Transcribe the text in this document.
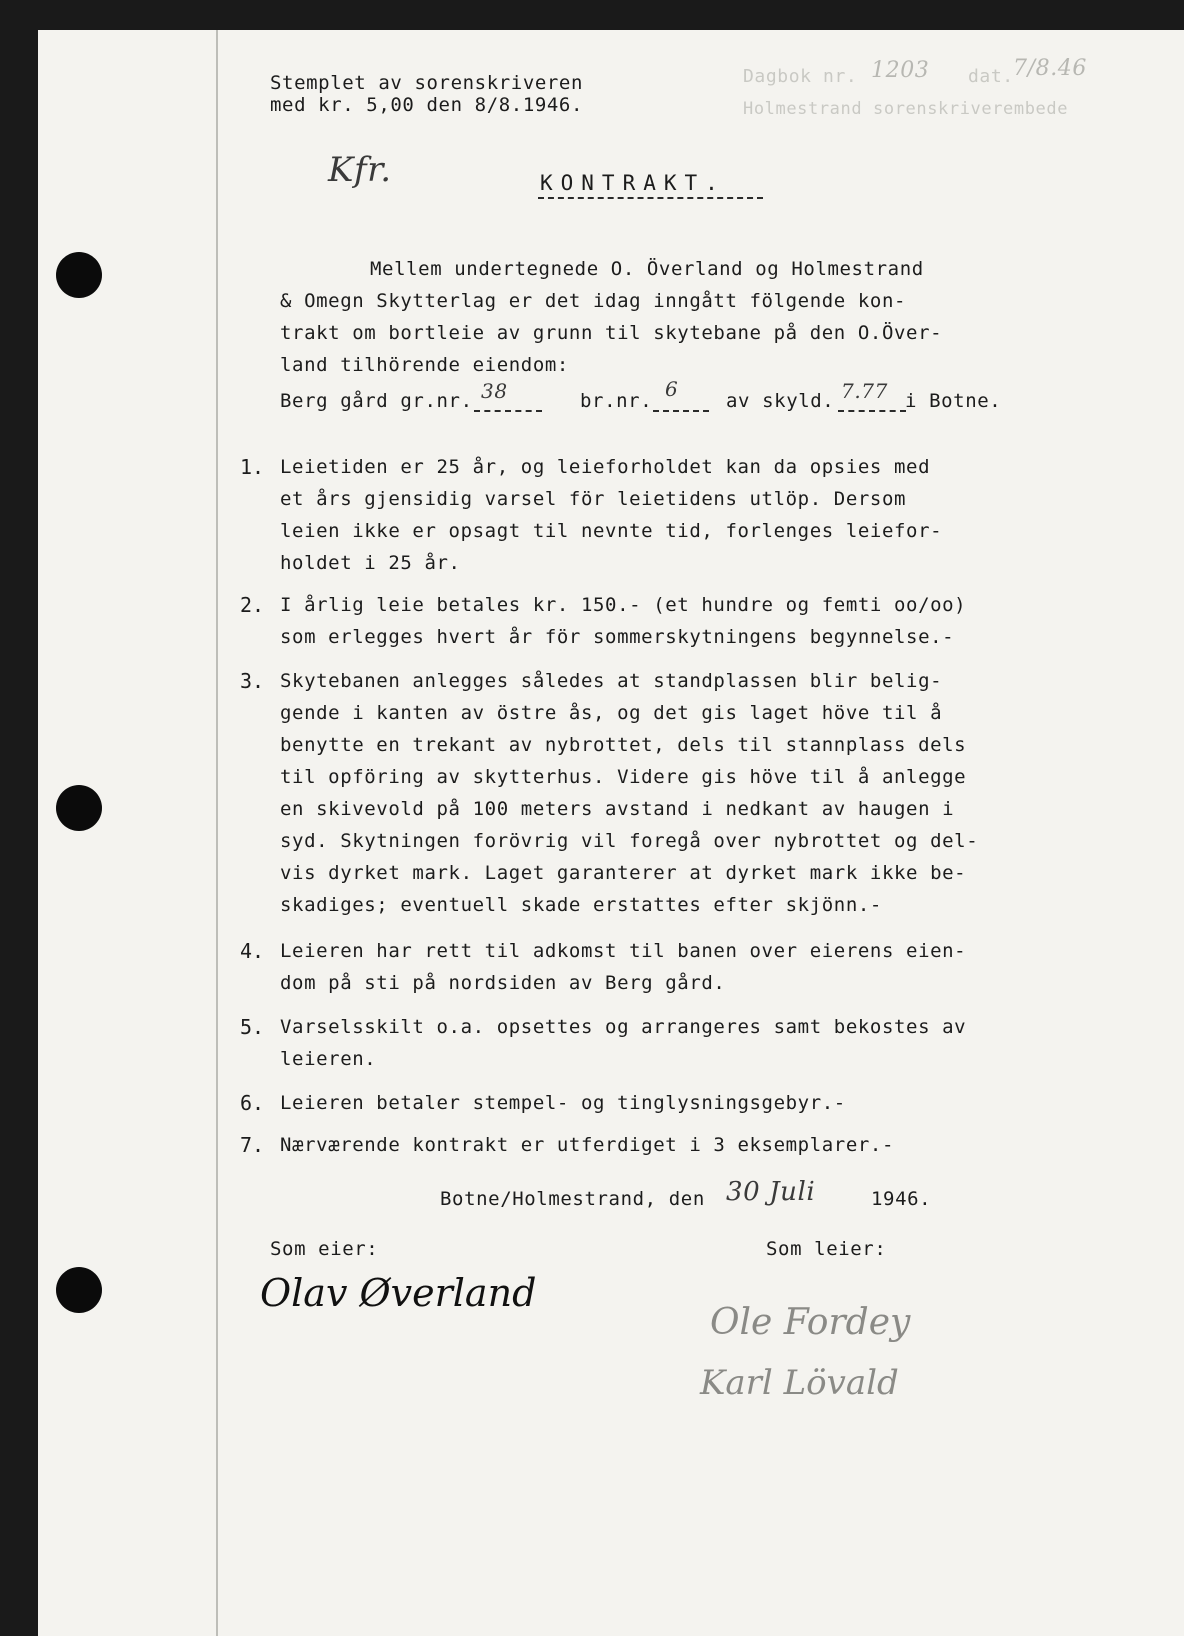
Stemplet av sorenskriveren
med kr. 5,00 den 8/8.1946.
Dagbok nr. 1203 dat. 7/8.46
Holmestrand sorenskriverembede
Kfr.	KONTRAKT.
Mellem undertegnede O. Överland og Holmestrand
& Omegn Skytterlag er det idag inngått fölgende kon-
trakt om bortleie av grunn til skytebane på den O.Över-
land tilhörende eiendom:
Berg gård gr.nr. 38	br.nr. 6	av skyld. 7.77 i Botne.
1. Leietiden er 25 år, og leieforholdet kan da opsies med
et års gjensidig varsel för leietidens utlöp. Dersom
leien ikke er opsagt til nevnte tid, forlenges leiefor-
holdet i 25 år.
2. I årlig leie betales kr. 150.- (et hundre og femti oo/oo)
som erlegges hvert år för sommerskytningens begynnelse.-
3. Skytebanen anlegges således at standplassen blir belig-
gende i kanten av östre ås, og det gis laget höve til å
benytte en trekant av nybrottet, dels til stannplass dels
til opföring av skytterhus. Videre gis höve til å anlegge
en skivevold på 100 meters avstand i nedkant av haugen i
syd. Skytningen forövrig vil foregå over nybrottet og del-
vis dyrket mark. Laget garanterer at dyrket mark ikke be-
skadiges; eventuell skade erstattes efter skjönn.-
4. Leieren har rett til adkomst til banen over eierens eien-
dom på sti på nordsiden av Berg gård.
5. Varselsskilt o.a. opsettes og arrangeres samt bekostes av
leieren.
6. Leieren betaler stempel- og tinglysningsgebyr.-
7. Nærværende kontrakt er utferdiget i 3 eksemplarer.-
Botne/Holmestrand, den 30 Juli	1946.
Som eier:
Olav Øverland
Som leier:
Ole Fordey
Karl Lövald
